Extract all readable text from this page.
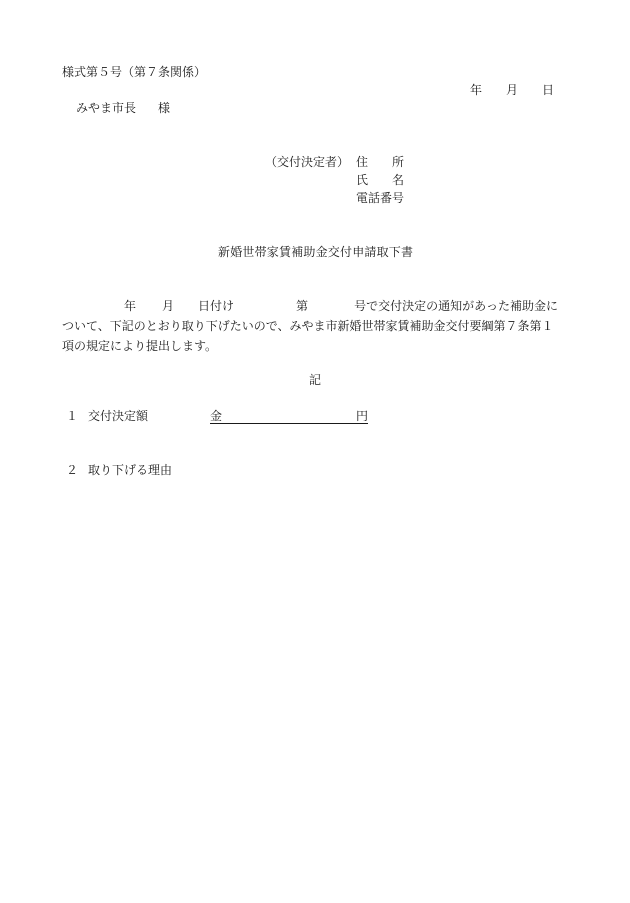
様式第５号（第７条関係）
年 月 日
みやま市長 様
（交付決定者） 住　　所
氏　　名
電話番号
新婚世帯家賃補助金交付申請取下書
年 月 日付け	第	号で交付決定の通知があった補助金に
ついて、下記のとおり取り下げたいので、みやま市新婚世帯家賃補助金交付要綱第７条第１
項の規定により提出します。
記
１ 交付決定額	金	円
２ 取り下げる理由
